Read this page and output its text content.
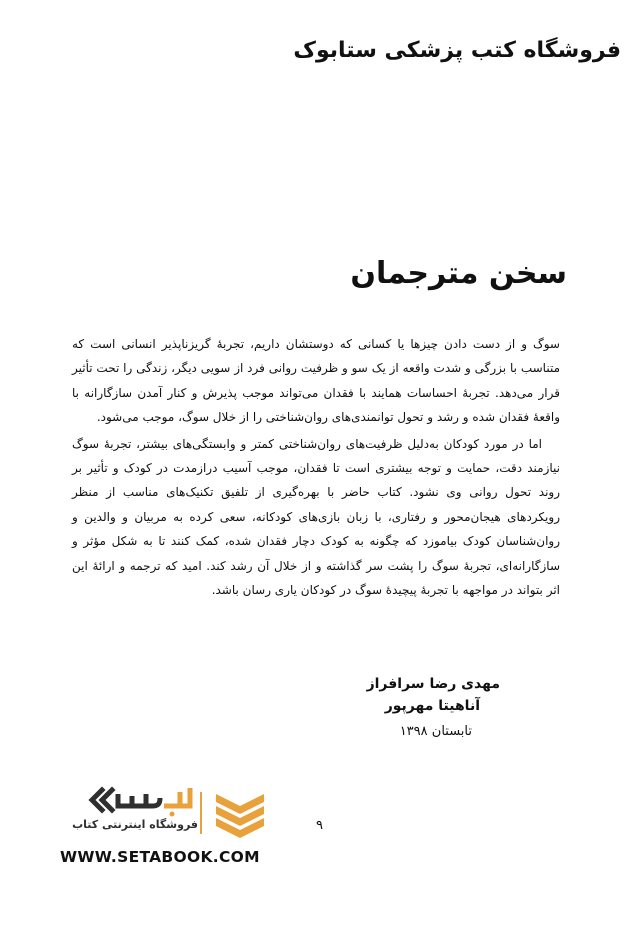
فروشگاه کتب پزشکی ستابوک
سخن مترجمان

سوگ و از دست دادن چیزها یا کسانی که دوستشان داریم، تجربهٔ گریزناپذیر انسانی است که متناسب با بزرگی و شدت واقعه از یک سو و ظرفیت روانی فرد از سویی دیگر، زندگی را تحت تأثیر قرار می‌دهد. تجربهٔ احساسات همایند با فقدان می‌تواند موجب پذیرش و کنار آمدن سازگارانه با واقعهٔ فقدان شده و رشد و تحول توانمندی‌های روان‌شناختی را از خلال سوگ، موجب می‌شود.

اما در مورد کودکان به‌دلیل ظرفیت‌های روان‌شناختی کمتر و وابستگی‌های بیشتر، تجربهٔ سوگ نیازمند دقت، حمایت و توجه بیشتری است تا فقدان، موجب آسیب درازمدت در کودک و تأثیر بر روند تحول روانی وی نشود. کتاب حاضر با بهره‌گیری از تلفیق تکنیک‌های مناسب از منظر رویکردهای هیجان‌محور و رفتاری، با زبان بازی‌های کودکانه، سعی کرده به مربیان و والدین و روان‌شناسان کودک بیاموزد که چگونه به کودک دچار فقدان شده، کمک کنند تا به شکل مؤثر و سازگارانه‌ای، تجربهٔ سوگ را پشت سر گذاشته و از خلال آن رشد کند. امید که ترجمه و ارائهٔ این اثر بتواند در مواجهه با تجربهٔ پیچیدهٔ سوگ در کودکان یاری رسان باشد.

مهدی رضا سرافراز
آناهیتا مهرپور
تابستان ۱۳۹۸
۹
فروشگاه اینترنتی کتاب
WWW.SETABOOK.COM
